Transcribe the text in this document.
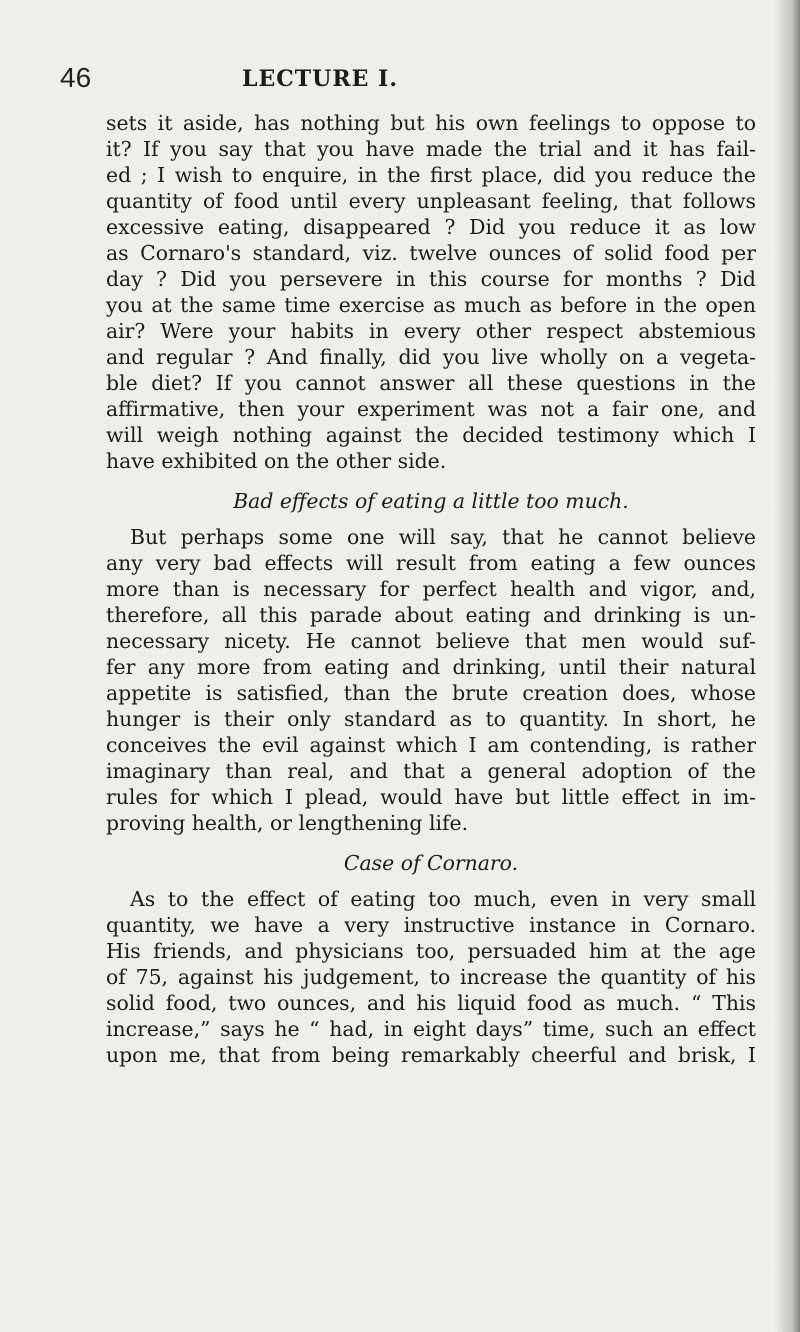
46	LECTURE I.
sets it aside, has nothing but his own feelings to oppose to
it? If you say that you have made the trial and it has fail-
ed ; I wish to enquire, in the first place, did you reduce the
quantity of food until every unpleasant feeling, that follows
excessive eating, disappeared ? Did you reduce it as low
as Cornaro's standard, viz. twelve ounces of solid food per
day ? Did you persevere in this course for months ? Did
you at the same time exercise as much as before in the open
air? Were your habits in every other respect abstemious
and regular ? And finally, did you live wholly on a vegeta-
ble diet? If you cannot answer all these questions in the
affirmative, then your experiment was not a fair one, and
will weigh nothing against the decided testimony which I
have exhibited on the other side.
Bad effects of eating a little too much.
But perhaps some one will say, that he cannot believe
any very bad effects will result from eating a few ounces
more than is necessary for perfect health and vigor, and,
therefore, all this parade about eating and drinking is un-
necessary nicety. He cannot believe that men would suf-
fer any more from eating and drinking, until their natural
appetite is satisfied, than the brute creation does, whose
hunger is their only standard as to quantity. In short, he
conceives the evil against which I am contending, is rather
imaginary than real, and that a general adoption of the
rules for which I plead, would have but little effect in im-
proving health, or lengthening life.
Case of Cornaro.
As to the effect of eating too much, even in very small
quantity, we have a very instructive instance in Cornaro.
His friends, and physicians too, persuaded him at the age
of 75, against his judgement, to increase the quantity of his
solid food, two ounces, and his liquid food as much. “ This
increase,” says he “ had, in eight days” time, such an effect
upon me, that from being remarkably cheerful and brisk, I
